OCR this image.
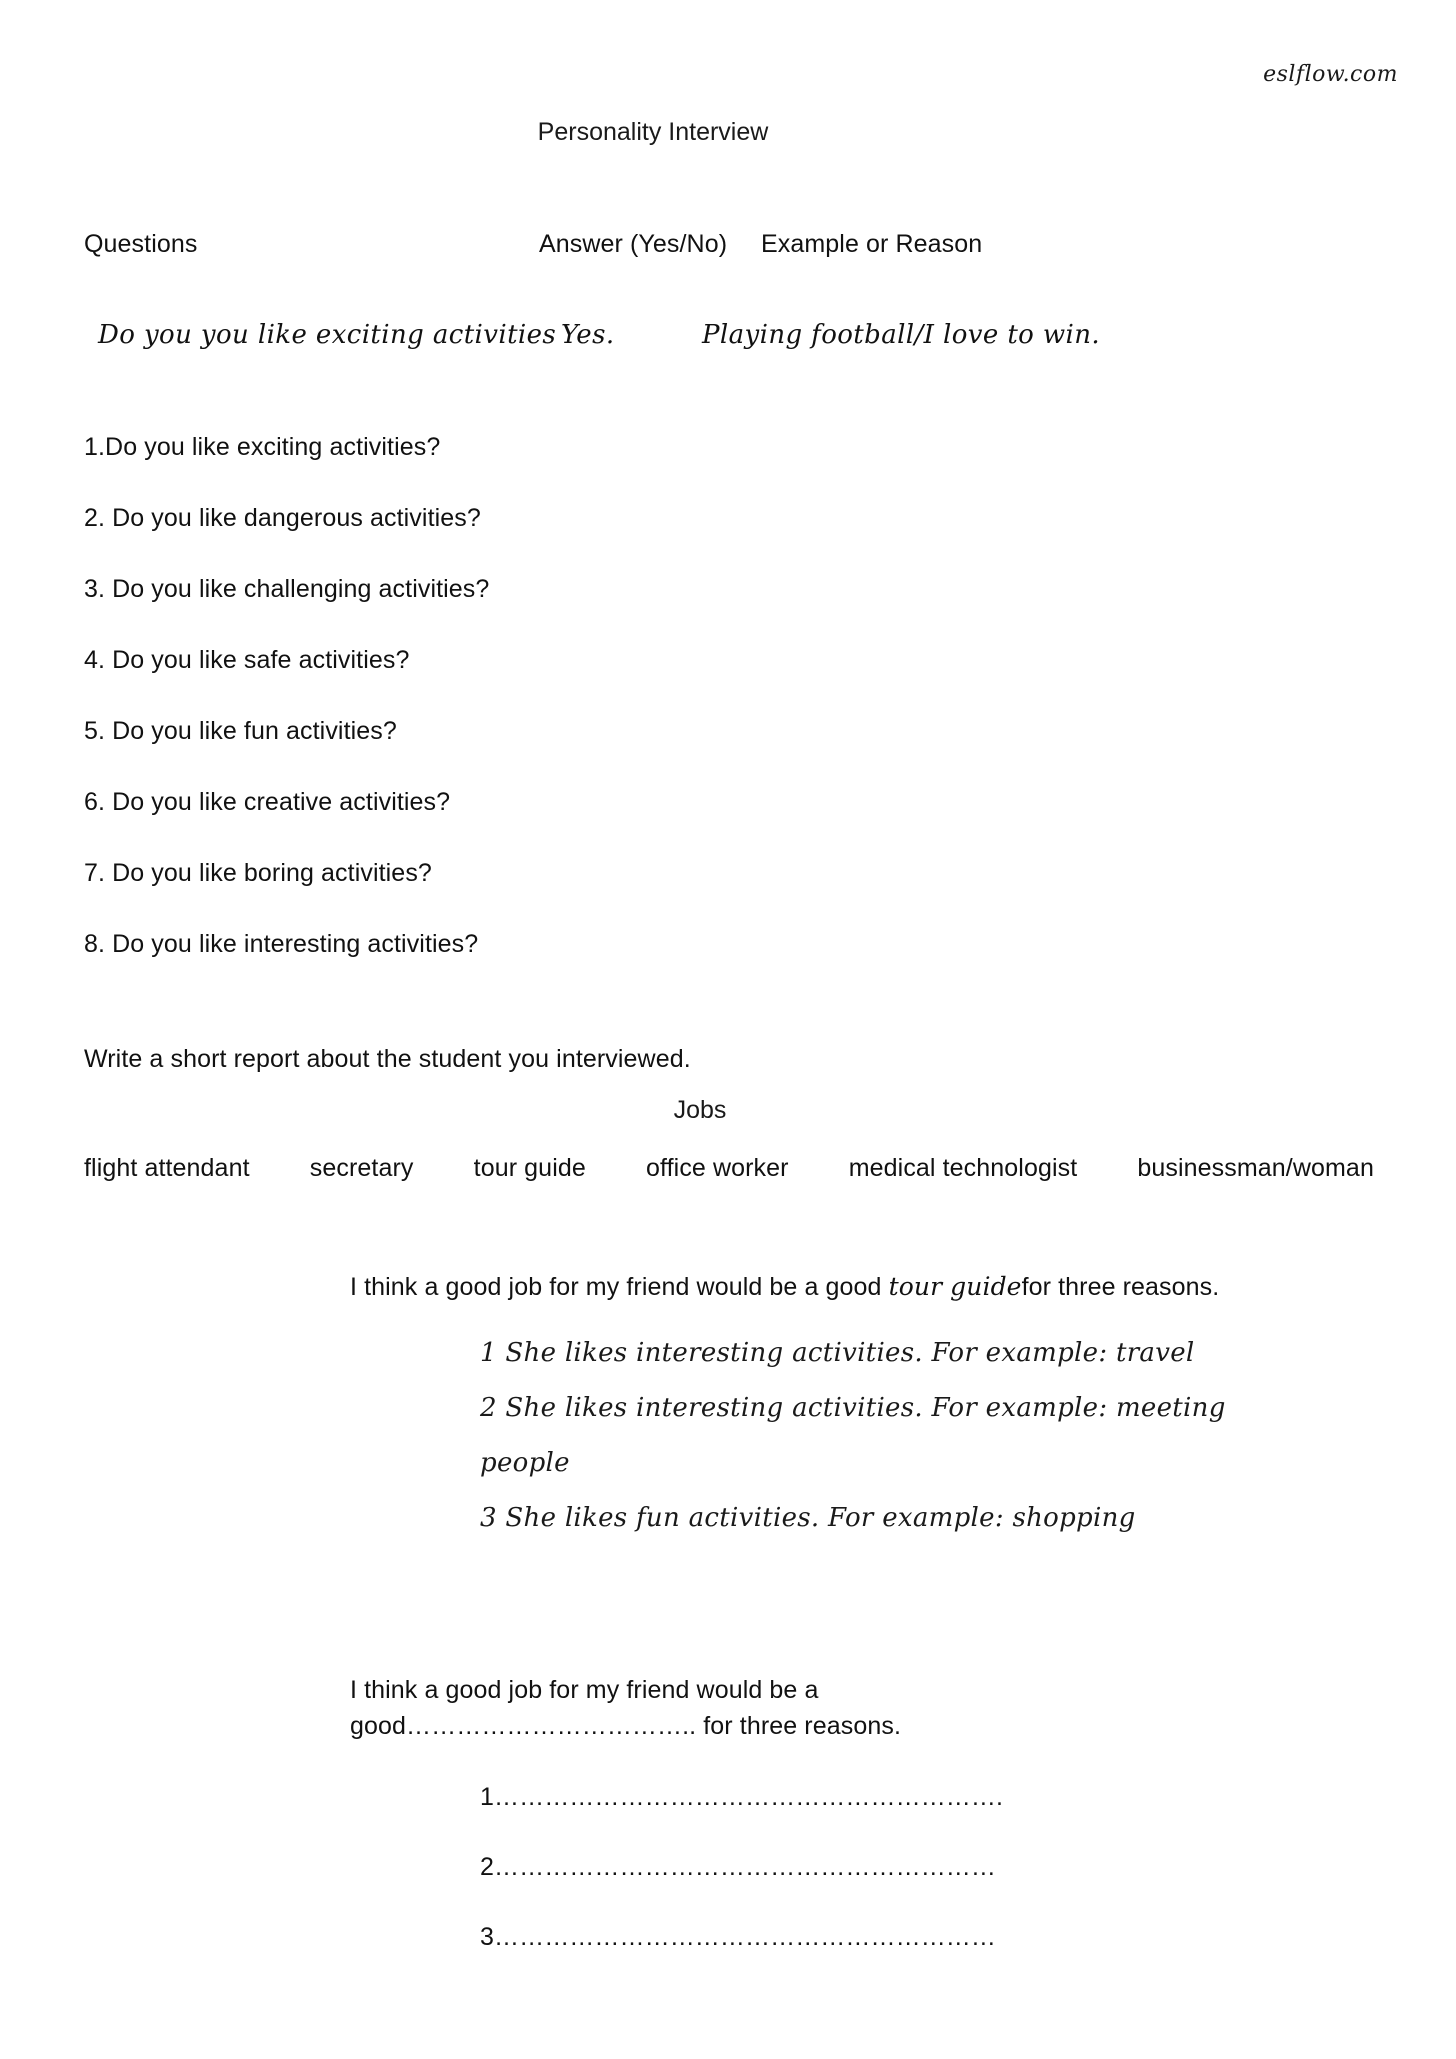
eslflow.com
Personality Interview
Questions	Answer (Yes/No) Example or Reason
Do you you like exciting activities Yes.	Playing football/I love to win.
1.Do you like exciting activities?
2. Do you like dangerous activities?
3. Do you like challenging activities?
4. Do you like safe activities?
5. Do you like fun activities?
6. Do you like creative activities?
7. Do you like boring activities?
8. Do you like interesting activities?
Write a short report about the student you interviewed.
Jobs
flight attendant secretary tour guide office worker medical technologist businessman/woman
I think a good job for my friend would be a good tour guidefor three reasons.
1 She likes interesting activities. For example: travel
2 She likes interesting activities. For example: meeting people
3 She likes fun activities. For example: shopping
I think a good job for my friend would be a good…………………………….. for three reasons.
1…………………………………………………….
2……………………………………………………
3……………………………………………………
